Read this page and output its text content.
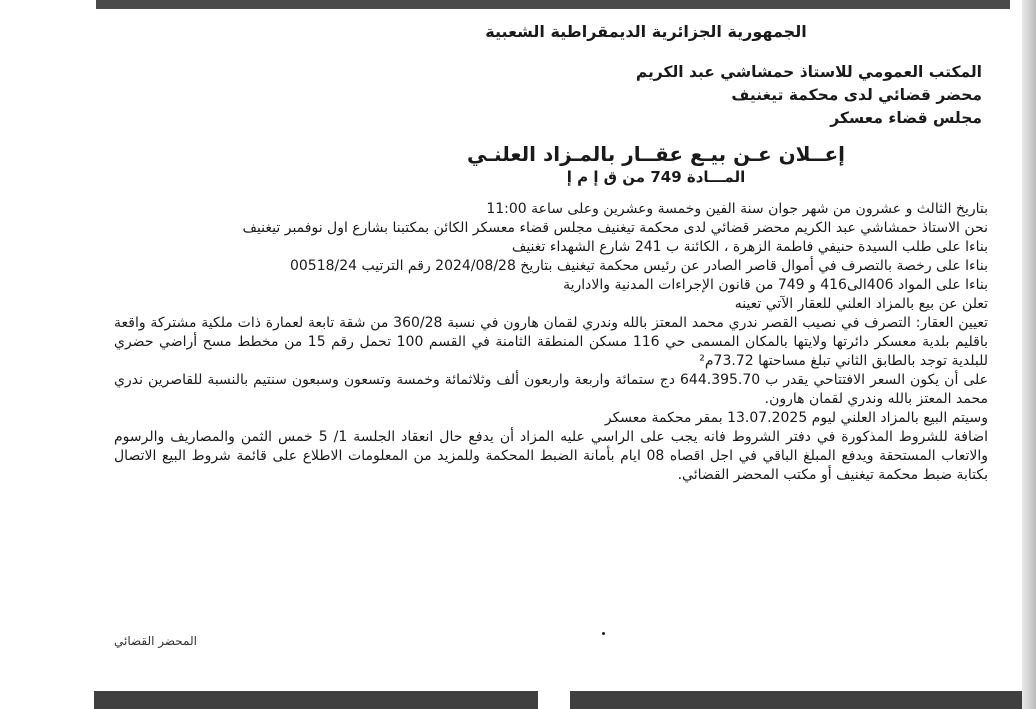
الجمهورية الجزائرية الديمقراطية الشعبية
المكتب العمومي للاستاذ حمشاشي عبد الكريم
محضر قضائي لدى محكمة تيغنيف
مجلس قضاء معسكر
إعــلان عـن بيـع عقــار بالمـزاد العلنـي
المـــادة 749 من ق إ م إ

بتاريخ الثالث و عشرون من شهر جوان سنة الفين وخمسة وعشرين وعلى ساعة 11:00

نحن الاستاذ حمشاشي عبد الكريم محضر قضائي لدى محكمة تيغنيف مجلس قضاء معسكر الكائن بمكتبنا بشارع اول نوفمبر تيغنيف

بناءا على طلب السيدة حنيفي فاطمة الزهرة ، الكائنة ب 241 شارع الشهداء تغنيف

بناءا على رخصة بالتصرف في أموال قاصر الصادر عن رئيس محكمة تيغنيف بتاريخ 2024/08/28 رقم الترتيب 00518/24

بناءا على المواد 406الى416 و 749 من قانون الإجراءات المدنية والادارية

تعلن عن بيع بالمزاد العلني للعقار الآتي تعينه

تعيين العقار: التصرف في نصيب القصر ندري محمد المعتز بالله وندري لقمان هارون في نسبة 360/28 من شقة تابعة لعمارة ذات ملكية مشتركة واقعة باقليم بلدية معسكر دائرتها ولايتها بالمكان المسمى حي 116 مسكن المنطقة الثامنة في القسم 100 تحمل رقم 15 من مخطط مسح أراضي حضري للبلدية توجد بالطابق الثاني تبلغ مساحتها 73.72م²

على أن يكون السعر الافتتاحي يقدر ب 644.395.70 دج ستمائة واربعة واربعون ألف وثلاثمائة وخمسة وتسعون وسبعون سنتيم بالنسبة للقاصرين ندري محمد المعتز بالله وندري لقمان هارون.

وسيتم البيع بالمزاد العلني ليوم 13.07.2025 بمقر محكمة معسكر

اضافة للشروط المذكورة في دفتر الشروط فانه يجب على الراسي عليه المزاد أن يدفع حال انعقاد الجلسة 1/ 5 خمس الثمن والمصاريف والرسوم والاتعاب المستحقة ويدفع المبلغ الباقي في اجل اقصاه 08 ايام بأمانة الضبط المحكمة وللمزيد من المعلومات الاطلاع على قائمة شروط البيع الاتصال بكتابة ضبط محكمة تيغنيف أو مكتب المحضر القضائي.

المحضر القضائي
